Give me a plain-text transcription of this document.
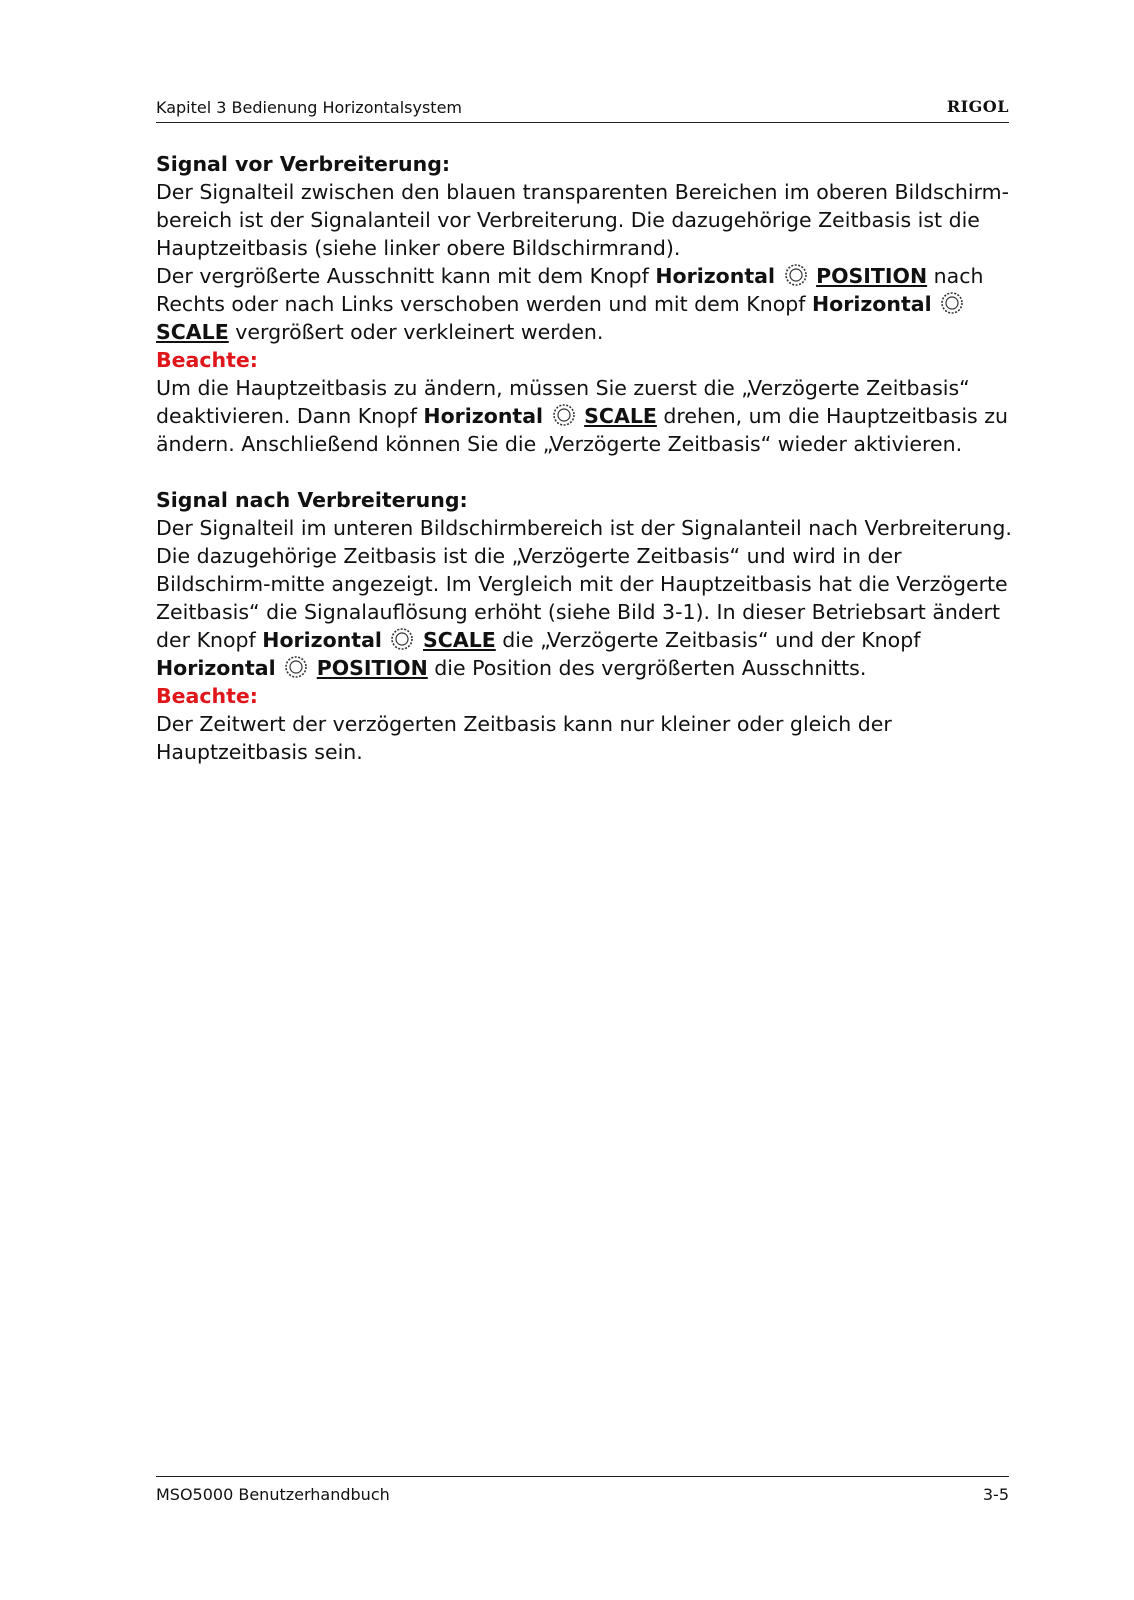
Kapitel 3 Bedienung Horizontalsystem	RIGOL

Signal vor Verbreiterung:

Der Signalteil zwischen den blauen transparenten Bereichen im oberen Bildschirm-bereich ist der Signalanteil vor Verbreiterung. Die dazugehörige Zeitbasis ist die Hauptzeitbasis (siehe linker obere Bildschirmrand).

Der vergrößerte Ausschnitt kann mit dem Knopf Horizontal POSITION nach Rechts oder nach Links verschoben werden und mit dem Knopf Horizontal  SCALE vergrößert oder verkleinert werden.

Beachte:

Um die Hauptzeitbasis zu ändern, müssen Sie zuerst die „Verzögerte Zeitbasis“ deaktivieren. Dann Knopf Horizontal SCALE drehen, um die Hauptzeitbasis zu ändern. Anschließend können Sie die „Verzögerte Zeitbasis“ wieder aktivieren.

Signal nach Verbreiterung:

Der Signalteil im unteren Bildschirmbereich ist der Signalanteil nach Verbreiterung. Die dazugehörige Zeitbasis ist die „Verzögerte Zeitbasis“ und wird in der Bildschirm-mitte angezeigt. Im Vergleich mit der Hauptzeitbasis hat die Verzögerte Zeitbasis“ die Signalauflösung erhöht (siehe Bild 3-1). In dieser Betriebsart ändert der Knopf Horizontal SCALE die „Verzögerte Zeitbasis“ und der Knopf Horizontal POSITION die Position des vergrößerten Ausschnitts.

Beachte:

Der Zeitwert der verzögerten Zeitbasis kann nur kleiner oder gleich der Hauptzeitbasis sein.

MSO5000 Benutzerhandbuch	3-5
